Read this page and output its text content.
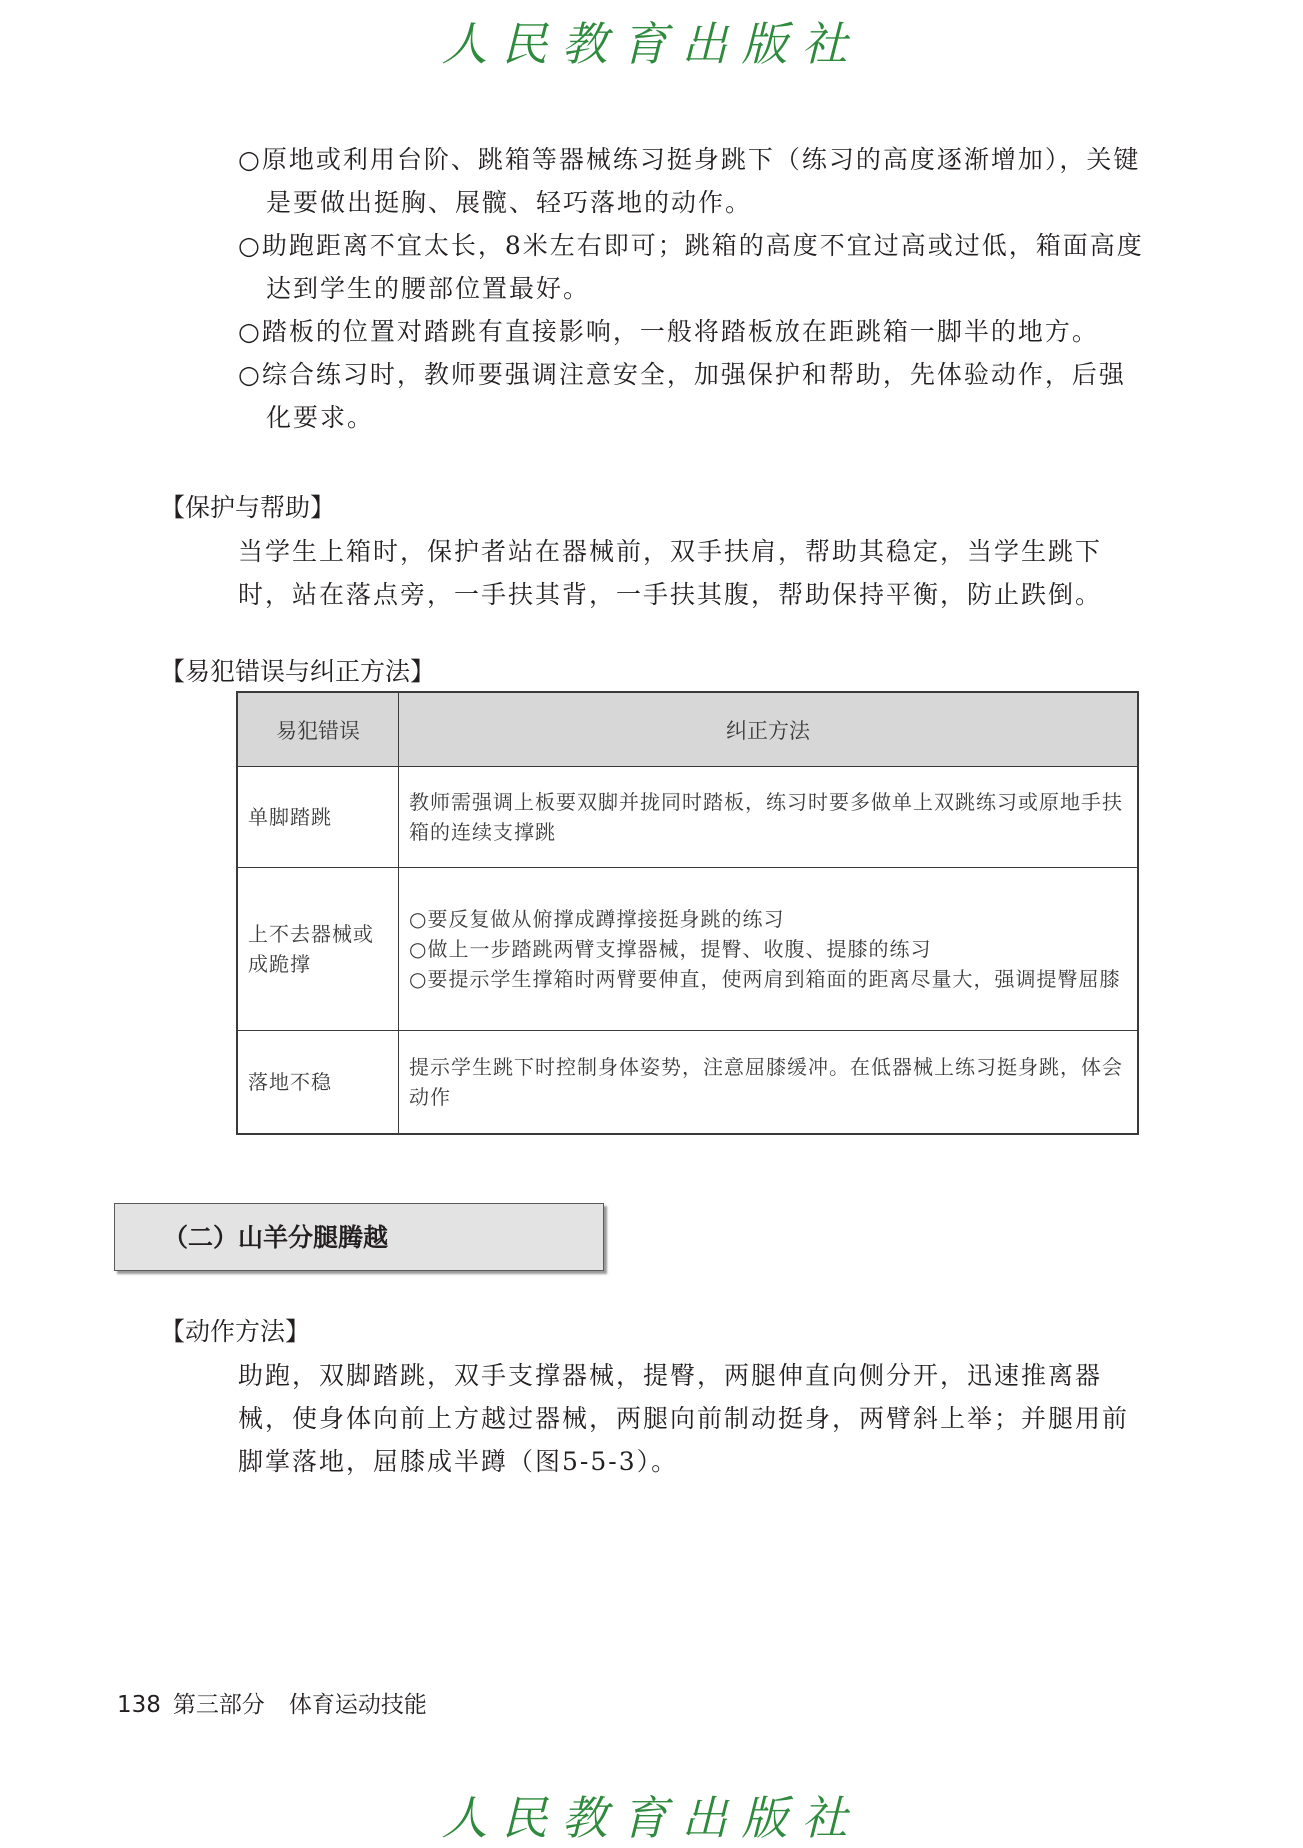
人民教育出版社

○原地或利用台阶、跳箱等器械练习挺身跳下（练习的高度逐渐增加），关键是要做出挺胸、展髋、轻巧落地的动作。

○助跑距离不宜太长，8米左右即可；跳箱的高度不宜过高或过低，箱面高度达到学生的腰部位置最好。

○踏板的位置对踏跳有直接影响，一般将踏板放在距跳箱一脚半的地方。

○综合练习时，教师要强调注意安全，加强保护和帮助，先体验动作，后强化要求。

【保护与帮助】

当学生上箱时，保护者站在器械前，双手扶肩，帮助其稳定，当学生跳下时，站在落点旁，一手扶其背，一手扶其腹，帮助保持平衡，防止跌倒。

【易犯错误与纠正方法】
易犯错误	纠正方法
单脚踏跳	教师需强调上板要双脚并拢同时踏板，练习时要多做单上双跳练习或原地手扶箱的连续支撑跳

上不去器械或成跪撑	○要反复做从俯撑成蹲撑接挺身跳的练习
○做上一步踏跳两臂支撑器械，提臀、收腹、提膝的练习
○要提示学生撑箱时两臂要伸直，使两肩到箱面的距离尽量大，强调提臀屈膝

落地不稳	提示学生跳下时控制身体姿势，注意屈膝缓冲。在低器械上练习挺身跳，体会动作
（二）山羊分腿腾越
【动作方法】

助跑，双脚踏跳，双手支撑器械，提臀，两腿伸直向侧分开，迅速推离器械，使身体向前上方越过器械，两腿向前制动挺身，两臂斜上举；并腿用前脚掌落地，屈膝成半蹲（图5-5-3）。

138 第三部分 体育运动技能
人民教育出版社
